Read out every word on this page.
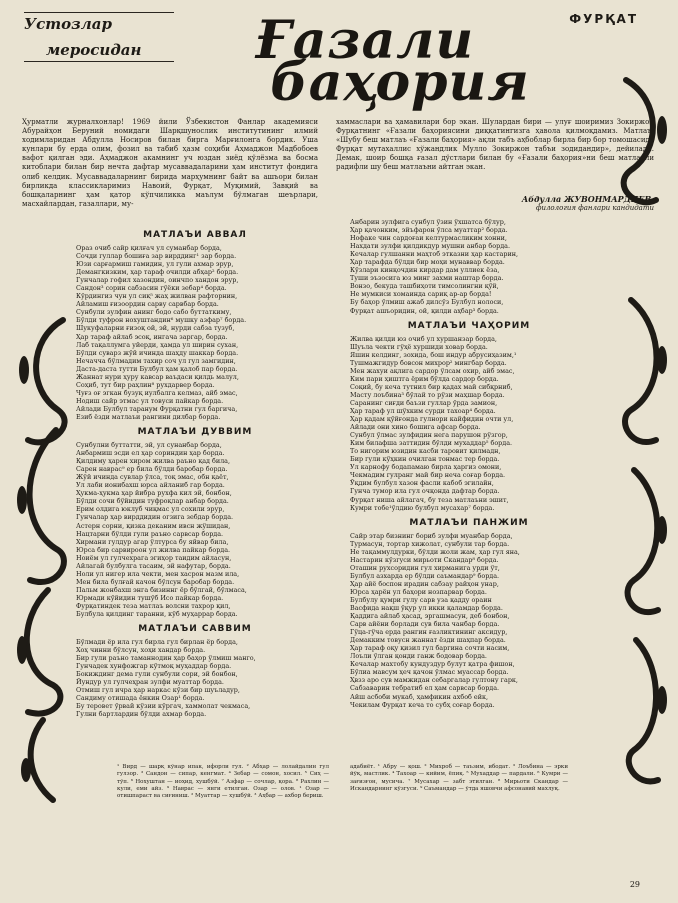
Устозлар
меросидан
ФУРҚАТ
Ғазали
баҳория
Ҳурматли журналхонлар! 1969 йили Ўзбекистон Фанлар академияси Абурайҳон Беруний номидаги Шарқшунослик институтининг илмий ходимларидан Абдулла Носиров билан бирга Марғилонга бордик. Уша кунлари бу ерда олим, фозил ва табиб ҳазм соҳиби Аҳмаджон Мадбобоев вафот қилган эди. Аҳмаджон акамнинг уч юздан зиёд қўлёзма ва босма китоблари билан бир нечта дафтар мусаввадаларини ҳам институт фондига олиб келдик. Мусаввадаларнинг бирида марҳумнинг байт ва ашъори билан бирликда классикларимиз Навоий, Фурқат, Муқимий, Завқий ва бошқаларнинг ҳам қатор кўпчиликка маълум бўлмаган шеърлари, масхайлардан, газаллари, му-
хаммаслари ва ҳамавилари бор экан. Шулардан бири — улуғ шоиримиз Зокиржон Фурқатнинг «Ғазали баҳориясини диққатингизга ҳавола қилмоқдамиз. Матлаъ: «Шубу беш матлаъ «Ғазали баҳория» ақли табъ аҳбоблар бирла бир бор томошасида Фурқат мутахаллис хўжандлик Мулло Зокиржон табъи зодидандир», дейилади. Демак, шоир бошқа ғазал дўстлари билан бу «Ғазали баҳория»ни беш матлаъли радифли шу беш матлаъни айтган экан.
Абдулла ЖУВОНМАРДИЕВ,
филология фанлари кандидати
МАТЛАЪИ АВВАЛ
Ораз очиб сайр қилғач ул суманбар борда,
Сочди гуллар бошиға зар вирддинг¹ зар борда.
Юзи сарғармиш гамидин, ул гули ахмар эрур,
Демангкизким, ҳар тараф очилди абҳар² борда.
Гунчалар гофил хазондин, оинчпо хандон эрур,
Сандон³ сорин сабзасин гўёки зебар⁴ борда.
Кўрдингиз чун ул сиқ⁵ жаҳ жилван рафторнин,
Айламиш ғизоордин сарву сарвбар борда.
Сунбули зулфин анинг бодо сабо буттаткиму,
Бўлди туфрон нохуштандин⁶ мушку азфар⁷ борда.
Шукуфаларни ғизоқ ой, эй, нурди сабза тузуб,
Ҳар тараф айлаб эсоқ, ингача заргар, борда.
Лаб тақаллумга уйерди, ҳамда ул ширин сухан,
Бўлди суварз жўй ичинда шаҳду шаккар борда.
Нечачча бўлмадим тахир соч ул гул замгидин,
Даста-даста тутти Булбул ҳам қалоб пар борда.
Жаннат нури ҳуру кавсар ваъдаси қилдь малул,
Соҳиб, тут бир раҳлин⁸ рухдарвер борда.
Чуғз оғ эгкан бузуқ иулбалга келмаз, айб эмас,
Нодиш сайр этмас ул товуси пайкар борда.
Айлади Булбул таранум Фурқатни гул баргича,
Езиб ёзди матлаъи рангини дилбар борда.
МАТЛАЪИ ДУВВИМ
Сунбулни буттатти, эй, ул сунанбар борда,
Анбармиш эсди ел ҳар сориндин ҳар борда.
Қилдиму ҳарен хиром жилва раъно қад била,
Сарен наврас⁹ ер била бўлди баробар борда.
Жўй ичинда сувлар ўлса, тоқ эмас, обн қаёт,
Ул лаби ионибахш юрса айланиб гар борда.
Ҳукма-ҳукма ҳар йибра рухфа кил эй, бонбон,
Бўлди сочи бўйидин туфроқлар анбар борда.
Ерим олдига юклуб чиқмас ул сохили эрур,
Гунчалар ҳар вирддидин огзига зебдар борда.
Астерн сорни, қизка деканим ивсн жўшидан,
Нацтарни бўлди гули раъно сарвсар борда.
Хирмани гулдур агар ўлтурса бу яйвар била,
Юрса бир сарвироон ул жилва пайкар борда.
Ноиём ул гулчехрага эгиҳор таидим айласун,
Айлагай булбулга тасаим, эй нафутар, борда.
Ноли ул нигер ила чекти, мен хасрон мазм ила,
Мен била булғай качон бўлсун баробар борда.
Пальм жонбахш энга бизиннг ёр бўлгай, бўлмаса,
Юрмади кўйидин тушўб Исо пайкар борда.
Фурқатиндек теза матлаъ волсни тахрор қил,
Булбула қилдинг таранни, кўб муҳаррар борда.
МАТЛАЪИ САВВИМ
Бўлмади ёр ила гул бирла гул бирлан ёр борда,
Хоҳ чинни бўлсун, хоҳи хандар борда.
Бир гули раъно таманнодин ҳар баҳор ўлмиш манго,
Гунчадек хунфожгар кўтмоқ муҳаддар борда.
Бокиждинг дема гули сунбули сори, эй бонбон,
Йундур ул гулчеҳран зулфи муаттар борда.
Отмиш гул ичра ҳар наркас кўзи бир шуъладур,
Сандиму отишада ёнкин Озар¹ борда.
Бу теровет ўрвай кўзии кўргач, хаммолат чекмаса,
Гулни бартлардин бўлди ахмар борда.
Анбарин зулфига сунбул ўзин ўхшатса бўлур,
Ҳар қачонким, эйъфарон ўлса муаттар² борда.
Нофаке чин сардоғаи келтурмасликим хонни,
Нахдати зулфи қилдикдур мушни анбар борда.
Кечалар гулшанни маҳтоб этказни ҳар кастарин,
Ҳар тарафда бўлди бир моҳи мунаввар борда.
Кўзлари кинқочдин кирдар дам уллиек ёза,
Туши эъзосига юз минг захми наштар борда.
Вонзо, бекуда ташбиҳоти тимсолингни қўй,
Не мумкиси хомаинда сариқ ар-ар борда!
Бу баҳор ўлмиш ажаб дилсўз Булбул нолоси,
Фурқат ашъоридин, ой, қилди аҳбар³ борда.
МАТЛАЪИ ЧАҲОРИМ
Жилва қилди юз очиб ул хуршанзар борда,
Шуъла чекти гўҳё хуршиди ховар борда.
Яшин келдинг, зохида, бош индур абрусиҳазим,¹
Тушмажгидур бовсон михрор² мингбар борда.
Мен жахуи ақлига сардор ўлсам охир, айб эмас,
Ким пари ҳиштга ёрим бўлда сардор борда.
Соқий, бу кеча тутнил бир қадах май сибқрниб,
Масту лоъбина³ бўлай то рўзи маҳшар борда.
Саранинг сиғди баъзи гуллар ўрда замион,
Ҳар тараф ул шўхким сурди тахоар⁴ борда.
Ҳар қадам қўйғонда гулнори кайфидин очти ул,
Айлади они хино бошига афсар борда.
Сунбул ўлмас зулфидин нега парушон рўзгор,
Ким билафша заттидин бўлди мухаддар⁵ борда.
То нигорим юзидин касби таровит қилмадн,
Бир гули кўҳкин очилган тонмас тер борда.
Ул карнофу бодапамаю бирла ҳаргиз омони,
Чекмадим гулранг май бир неча соғар борда.
Ўқдим булбул хазон фасли кабоб эгилайн,
Гунча тумор ила гул очқонда дафтар борда.
Фурқат ниша айлагач, бу теза матлаъни эшит,
Кумри тобе¹ўлдию булбул мусахар⁷ борда.
МАТЛАЪИ ПАНЖИМ
Сайр этар бизнинг бориб зулфи муанбар борда,
Турмасун, тортар хижолат, сунбули тар борда.
Не тақаммулдурки, бўлди жоли жам, ҳар гул яна,
Настарин кўзгуси мирьоти Скандар⁸ борда.
Оташин рухсоридин гул хирманига урди ўт,
Булбул азхарда ер бўлди саъмандар⁹ борда.
Ҳар айё боспон ирадин сабзау райҳон унар,
Юрса ҳарён ул баҳори нозпарвар борда.
Булбулу қумри гулу сарв уза қадду ораин
Васфида нақш ўқур ул икки қаламдар борда.
Қаддига айлаб ҳасад, эргашмасун, деб бонбон,
Сарв айёни борлади сув била чанбар борда.
Гўца-гўча ерда рангин ғазликтининг аксидур,
Демакким товусн жаннат ёзди шаҳпар борда.
Ҳар тараф оқу қизил гул баргина сочти насим,
Лоъли ўлган қонди ганж бодовар борда.
Кечалар махтобу кундуздур булут қатра фишон,
Бўлиа мавсум ҳеч қачон ўлмас муассар борда.
Ҳвзз аро сув мамжидан себаргалар гултону гарк,
Сабзаварин тебратиб ел ҳам сарвсар борда.
Айш асбоби мукаб, ҳамфикин ахбоб ейк,
Чекилам Фурқат кеча то субҳ соғар борда.
¹ Вирд — шарқ кўнар ипак, ифорли гул. ² Абҳар — лолайдалин гул гулзор. ³ Сандон — сипар, кенгмат. ⁴ Зебар — сомон, хосил. ⁵ Сиҳ — тўп. ⁶ Нохуштан — иоҳид, хушбўй. ⁷ Азфар — сочлар, қора. ⁸ Рахлин — кули, еми айз. ⁹ Наврас — янги етилган. Озар — олов. ¹ Озар — отишпараст ва сиғиниш. ² Муаттар — хушбўй. ³ Аҳбар — ахбор бериш.
адабиёт. ¹ Абру — қош. ² Михроб — таъзим, ибодат. ³ Лоъбина — эрки йўқ, мастлик. ⁴ Тахоар — кийим, ёпиқ. ⁵ Мухаддар — пардали. ⁶ Кумри — зағизғон, мусича. ⁷ Мусахар — забт этилган. ⁸ Мирьоти Скандар — Искандарнинг кўзгуси. ⁹ Саъмандар — ўтда яшовчи афсонавий махлуқ.
29
